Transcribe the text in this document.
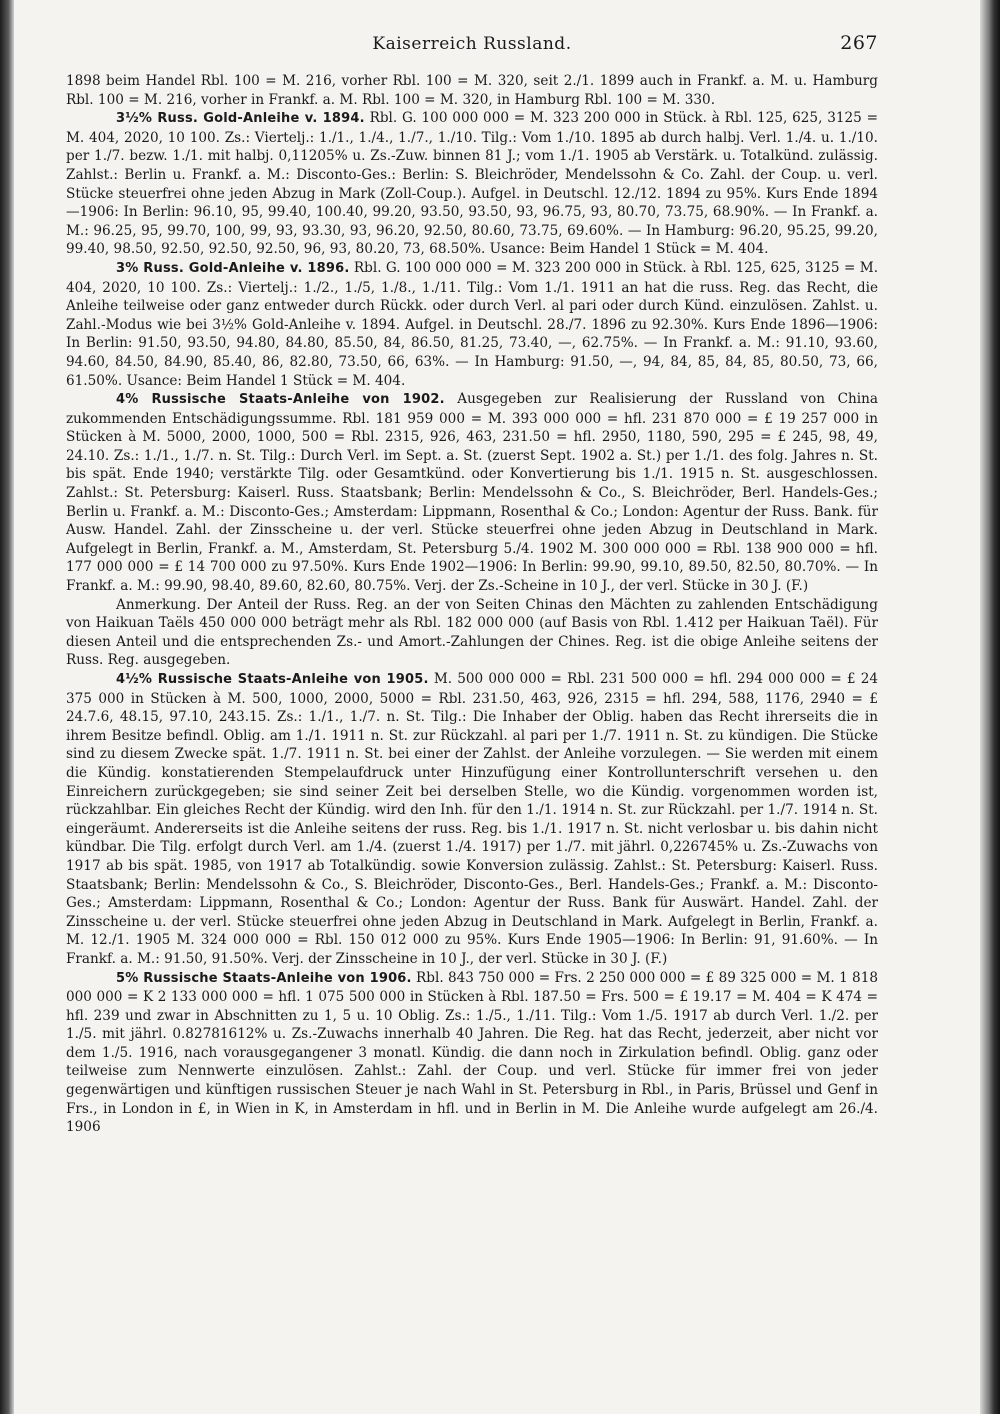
Kaiserreich Russland.	267

1898 beim Handel Rbl. 100 = M. 216, vorher Rbl. 100 = M. 320, seit 2./1. 1899 auch in Frankf. a. M. u. Hamburg Rbl. 100 = M. 216, vorher in Frankf. a. M. Rbl. 100 = M. 320, in Hamburg Rbl. 100 = M. 330.

3½% Russ. Gold-Anleihe v. 1894. Rbl. G. 100 000 000 = M. 323 200 000 in Stück. à Rbl. 125, 625, 3125 = M. 404, 2020, 10 100. Zs.: Viertelj.: 1./1., 1./4., 1./7., 1./10. Tilg.: Vom 1./10. 1895 ab durch halbj. Verl. 1./4. u. 1./10. per 1./7. bezw. 1./1. mit halbj. 0,11205% u. Zs.-Zuw. binnen 81 J.; vom 1./1. 1905 ab Verstärk. u. Totalkünd. zulässig. Zahlst.: Berlin u. Frankf. a. M.: Disconto-Ges.: Berlin: S. Bleichröder, Mendelssohn & Co. Zahl. der Coup. u. verl. Stücke steuerfrei ohne jeden Abzug in Mark (Zoll-Coup.). Aufgel. in Deutschl. 12./12. 1894 zu 95%. Kurs Ende 1894—1906: In Berlin: 96.10, 95, 99.40, 100.40, 99.20, 93.50, 93.50, 93, 96.75, 93, 80.70, 73.75, 68.90%. — In Frankf. a. M.: 96.25, 95, 99.70, 100, 99, 93, 93.30, 93, 96.20, 92.50, 80.60, 73.75, 69.60%. — In Hamburg: 96.20, 95.25, 99.20, 99.40, 98.50, 92.50, 92.50, 92.50, 96, 93, 80.20, 73, 68.50%. Usance: Beim Handel 1 Stück = M. 404.

3% Russ. Gold-Anleihe v. 1896. Rbl. G. 100 000 000 = M. 323 200 000 in Stück. à Rbl. 125, 625, 3125 = M. 404, 2020, 10 100. Zs.: Viertelj.: 1./2., 1./5, 1./8., 1./11. Tilg.: Vom 1./1. 1911 an hat die russ. Reg. das Recht, die Anleihe teilweise oder ganz entweder durch Rückk. oder durch Verl. al pari oder durch Künd. einzulösen. Zahlst. u. Zahl.-Modus wie bei 3½% Gold-Anleihe v. 1894. Aufgel. in Deutschl. 28./7. 1896 zu 92.30%. Kurs Ende 1896—1906: In Berlin: 91.50, 93.50, 94.80, 84.80, 85.50, 84, 86.50, 81.25, 73.40, —, 62.75%. — In Frankf. a. M.: 91.10, 93.60, 94.60, 84.50, 84.90, 85.40, 86, 82.80, 73.50, 66, 63%. — In Hamburg: 91.50, —, 94, 84, 85, 84, 85, 80.50, 73, 66, 61.50%. Usance: Beim Handel 1 Stück = M. 404.

4% Russische Staats-Anleihe von 1902. Ausgegeben zur Realisierung der Russland von China zukommenden Entschädigungssumme. Rbl. 181 959 000 = M. 393 000 000 = hfl. 231 870 000 = £ 19 257 000 in Stücken à M. 5000, 2000, 1000, 500 = Rbl. 2315, 926, 463, 231.50 = hfl. 2950, 1180, 590, 295 = £ 245, 98, 49, 24.10. Zs.: 1./1., 1./7. n. St. Tilg.: Durch Verl. im Sept. a. St. (zuerst Sept. 1902 a. St.) per 1./1. des folg. Jahres n. St. bis spät. Ende 1940; verstärkte Tilg. oder Gesamtkünd. oder Konvertierung bis 1./1. 1915 n. St. ausgeschlossen. Zahlst.: St. Petersburg: Kaiserl. Russ. Staatsbank; Berlin: Mendelssohn & Co., S. Bleichröder, Berl. Handels-Ges.; Berlin u. Frankf. a. M.: Disconto-Ges.; Amsterdam: Lippmann, Rosenthal & Co.; London: Agentur der Russ. Bank. für Ausw. Handel. Zahl. der Zinsscheine u. der verl. Stücke steuerfrei ohne jeden Abzug in Deutschland in Mark. Aufgelegt in Berlin, Frankf. a. M., Amsterdam, St. Petersburg 5./4. 1902 M. 300 000 000 = Rbl. 138 900 000 = hfl. 177 000 000 = £ 14 700 000 zu 97.50%. Kurs Ende 1902—1906: In Berlin: 99.90, 99.10, 89.50, 82.50, 80.70%. — In Frankf. a. M.: 99.90, 98.40, 89.60, 82.60, 80.75%. Verj. der Zs.-Scheine in 10 J., der verl. Stücke in 30 J. (F.)

Anmerkung. Der Anteil der Russ. Reg. an der von Seiten Chinas den Mächten zu zahlenden Entschädigung von Haikuan Taëls 450 000 000 beträgt mehr als Rbl. 182 000 000 (auf Basis von Rbl. 1.412 per Haikuan Taël). Für diesen Anteil und die entsprechenden Zs.- und Amort.-Zahlungen der Chines. Reg. ist die obige Anleihe seitens der Russ. Reg. ausgegeben.

4½% Russische Staats-Anleihe von 1905. M. 500 000 000 = Rbl. 231 500 000 = hfl. 294 000 000 = £ 24 375 000 in Stücken à M. 500, 1000, 2000, 5000 = Rbl. 231.50, 463, 926, 2315 = hfl. 294, 588, 1176, 2940 = £ 24.7.6, 48.15, 97.10, 243.15. Zs.: 1./1., 1./7. n. St. Tilg.: Die Inhaber der Oblig. haben das Recht ihrerseits die in ihrem Besitze befindl. Oblig. am 1./1. 1911 n. St. zur Rückzahl. al pari per 1./7. 1911 n. St. zu kündigen. Die Stücke sind zu diesem Zwecke spät. 1./7. 1911 n. St. bei einer der Zahlst. der Anleihe vorzulegen. — Sie werden mit einem die Kündig. konstatierenden Stempelaufdruck unter Hinzufügung einer Kontrollunterschrift versehen u. den Einreichern zurückgegeben; sie sind seiner Zeit bei derselben Stelle, wo die Kündig. vorgenommen worden ist, rückzahlbar. Ein gleiches Recht der Kündig. wird den Inh. für den 1./1. 1914 n. St. zur Rückzahl. per 1./7. 1914 n. St. eingeräumt. Andererseits ist die Anleihe seitens der russ. Reg. bis 1./1. 1917 n. St. nicht verlosbar u. bis dahin nicht kündbar. Die Tilg. erfolgt durch Verl. am 1./4. (zuerst 1./4. 1917) per 1./7. mit jährl. 0,226745% u. Zs.-Zuwachs von 1917 ab bis spät. 1985, von 1917 ab Totalkündig. sowie Konversion zulässig. Zahlst.: St. Petersburg: Kaiserl. Russ. Staatsbank; Berlin: Mendelssohn & Co., S. Bleichröder, Disconto-Ges., Berl. Handels-Ges.; Frankf. a. M.: Disconto-Ges.; Amsterdam: Lippmann, Rosenthal & Co.; London: Agentur der Russ. Bank für Auswärt. Handel. Zahl. der Zinsscheine u. der verl. Stücke steuerfrei ohne jeden Abzug in Deutschland in Mark. Aufgelegt in Berlin, Frankf. a. M. 12./1. 1905 M. 324 000 000 = Rbl. 150 012 000 zu 95%. Kurs Ende 1905—1906: In Berlin: 91, 91.60%. — In Frankf. a. M.: 91.50, 91.50%. Verj. der Zinsscheine in 10 J., der verl. Stücke in 30 J. (F.)

5% Russische Staats-Anleihe von 1906. Rbl. 843 750 000 = Frs. 2 250 000 000 = £ 89 325 000 = M. 1 818 000 000 = K 2 133 000 000 = hfl. 1 075 500 000 in Stücken à Rbl. 187.50 = Frs. 500 = £ 19.17 = M. 404 = K 474 = hfl. 239 und zwar in Abschnitten zu 1, 5 u. 10 Oblig. Zs.: 1./5., 1./11. Tilg.: Vom 1./5. 1917 ab durch Verl. 1./2. per 1./5. mit jährl. 0.82781612% u. Zs.-Zuwachs innerhalb 40 Jahren. Die Reg. hat das Recht, jederzeit, aber nicht vor dem 1./5. 1916, nach vorausgegangener 3 monatl. Kündig. die dann noch in Zirkulation befindl. Oblig. ganz oder teilweise zum Nennwerte einzulösen. Zahlst.: Zahl. der Coup. und verl. Stücke für immer frei von jeder gegenwärtigen und künftigen russischen Steuer je nach Wahl in St. Petersburg in Rbl., in Paris, Brüssel und Genf in Frs., in London in £, in Wien in K, in Amsterdam in hfl. und in Berlin in M. Die Anleihe wurde aufgelegt am 26./4. 1906
